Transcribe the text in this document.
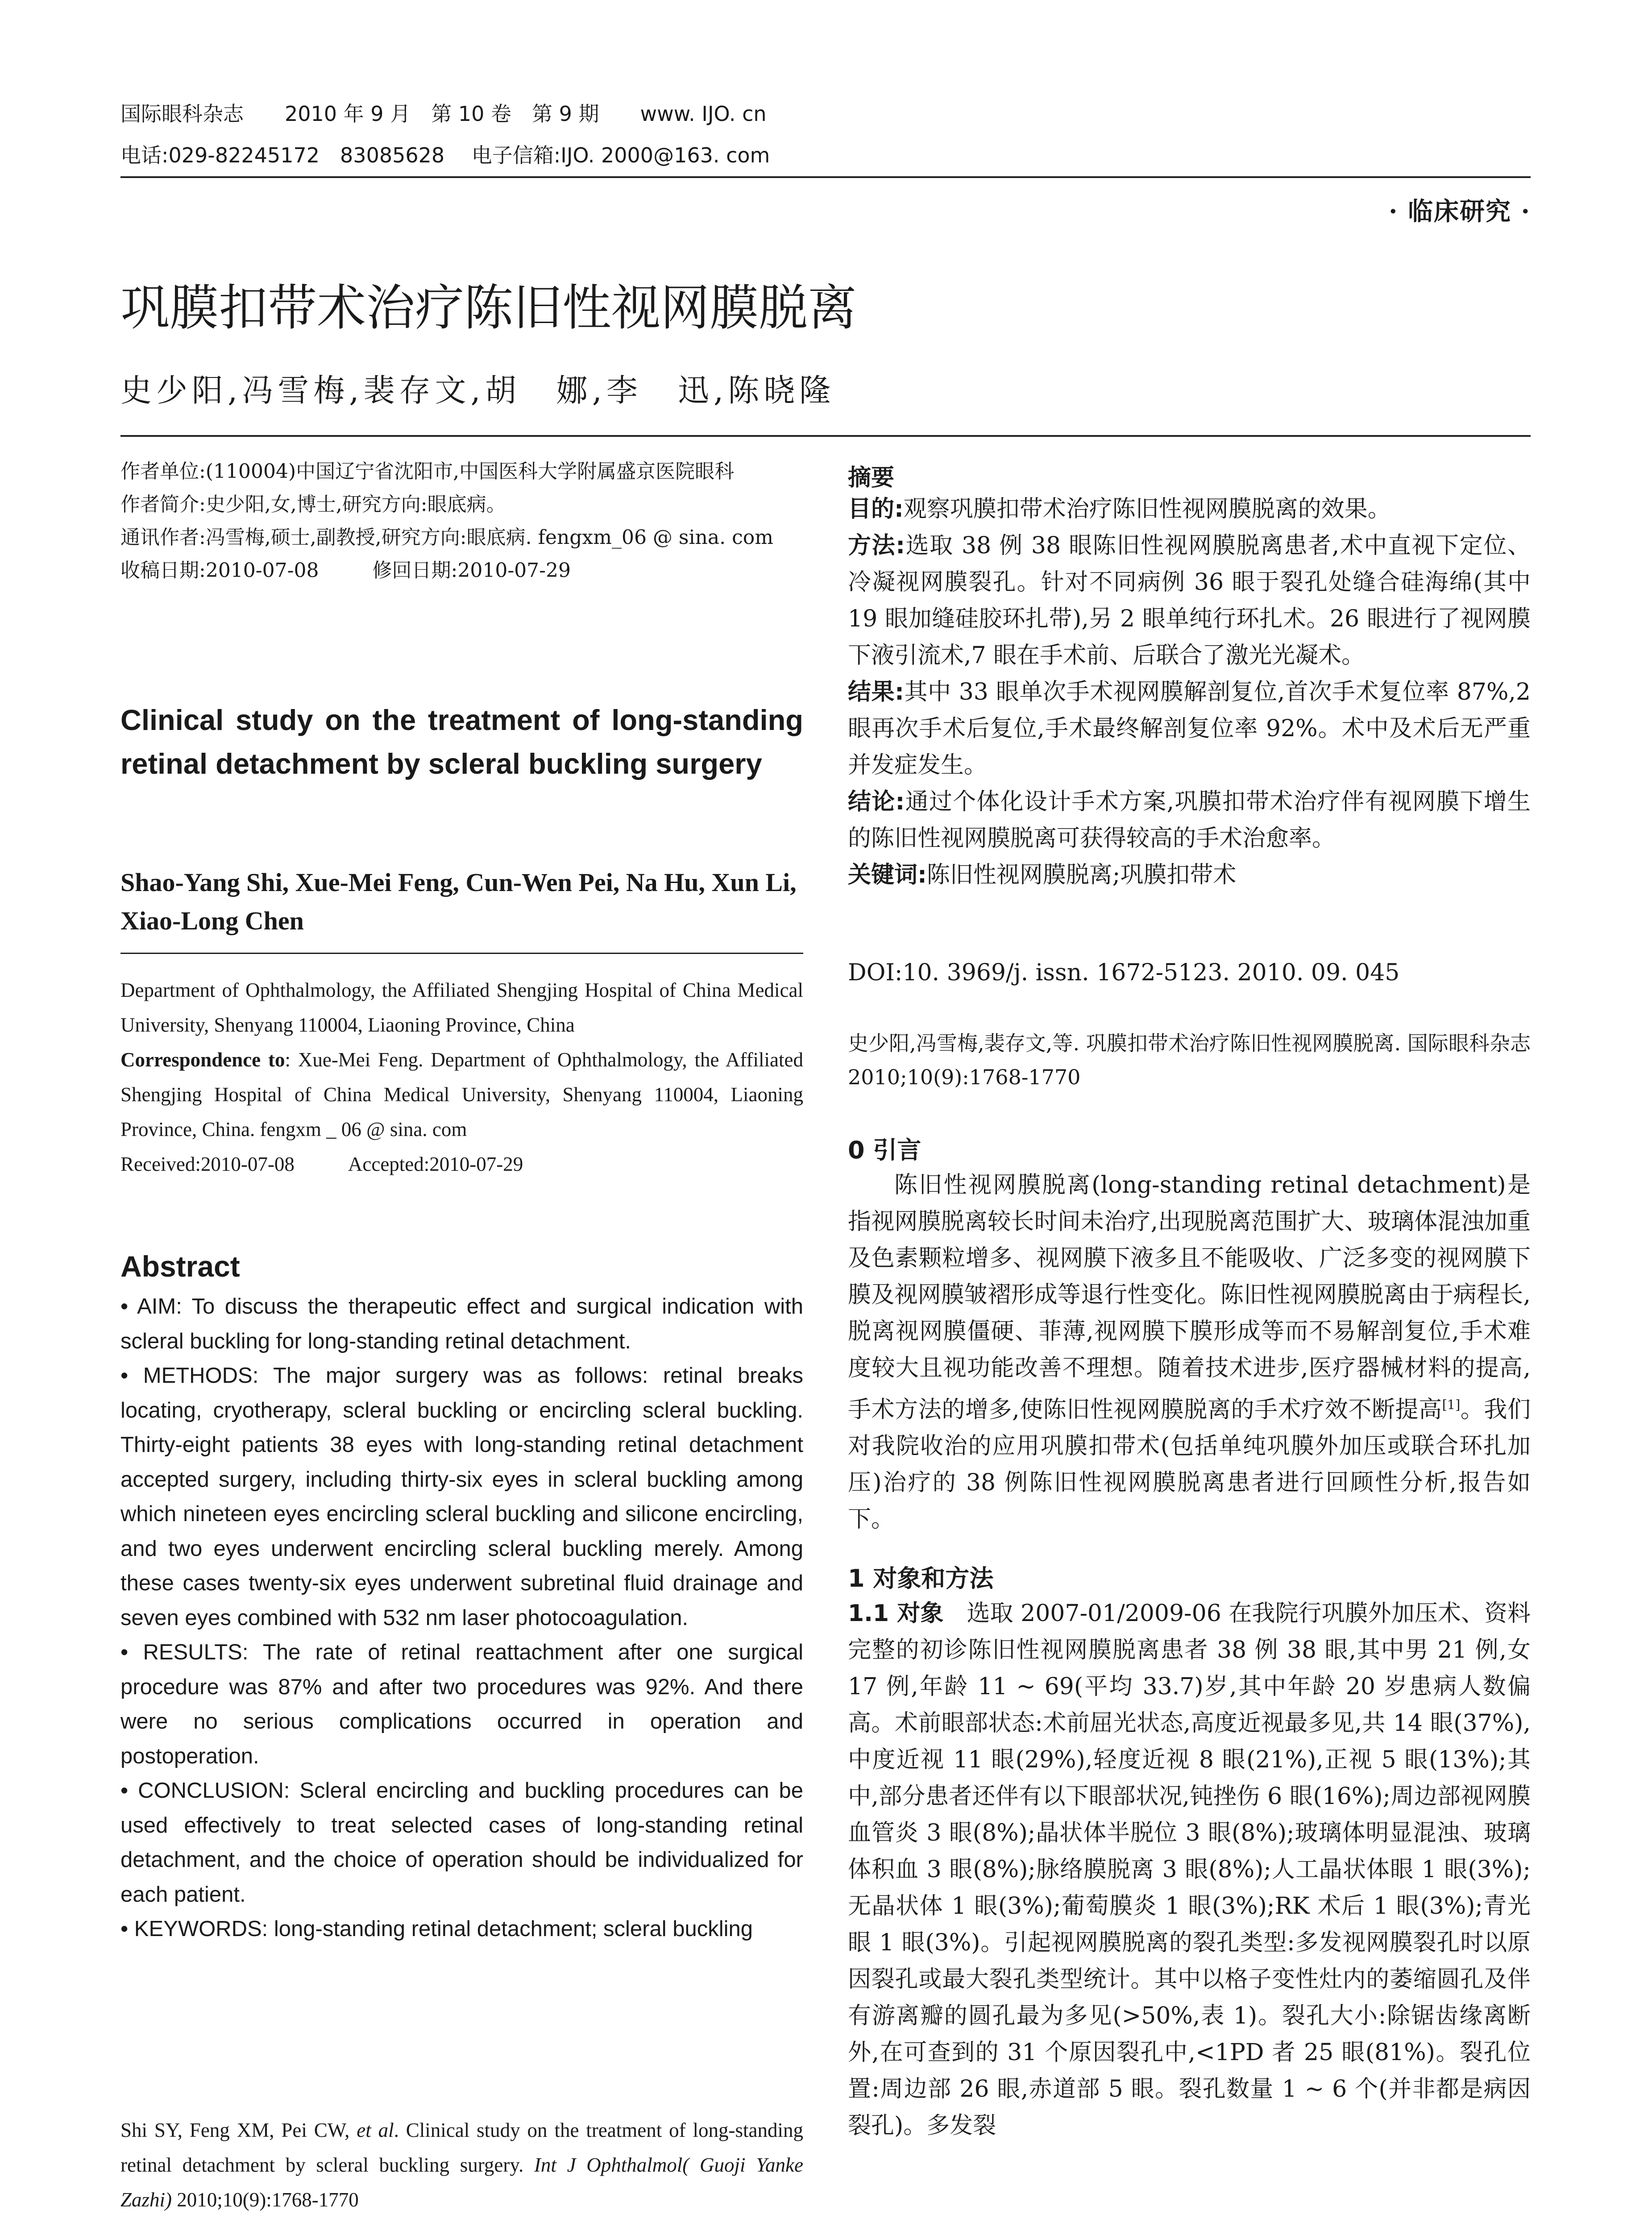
国际眼科杂志　　2010 年 9 月　第 10 卷　第 9 期　　www. IJO. cn
电话:029-82245172　83085628　 电子信箱:IJO. 2000@163. com
· 临床研究 ·
巩膜扣带术治疗陈旧性视网膜脱离
史少阳,冯雪梅,裴存文,胡　娜,李　迅,陈晓隆

作者单位:(110004)中国辽宁省沈阳市,中国医科大学附属盛京医院眼科

作者简介:史少阳,女,博士,研究方向:眼底病。

通讯作者:冯雪梅,硕士,副教授,研究方向:眼底病. fengxm_06 @ sina. com

收稿日期:2010-07-08	修回日期:2010-07-29

Clinical study on the treatment of long-standing retinal detachment by scleral buckling surgery
Shao-Yang Shi, Xue-Mei Feng, Cun-Wen Pei, Na Hu, Xun Li, Xiao-Long Chen

Department of Ophthalmology, the Affiliated Shengjing Hospital of China Medical University, Shenyang 110004, Liaoning Province, China

Correspondence to: Xue-Mei Feng. Department of Ophthalmology, the Affiliated Shengjing Hospital of China Medical University, Shenyang 110004, Liaoning Province, China. fengxm _ 06 @ sina. com

Received:2010-07-08	Accepted:2010-07-29

Abstract

• AIM: To discuss the therapeutic effect and surgical indication with scleral buckling for long-standing retinal detachment.

• METHODS: The major surgery was as follows: retinal breaks locating, cryotherapy, scleral buckling or encircling scleral buckling. Thirty-eight patients 38 eyes with long-standing retinal detachment accepted surgery, including thirty-six eyes in scleral buckling among which nineteen eyes encircling scleral buckling and silicone encircling, and two eyes underwent encircling scleral buckling merely. Among these cases twenty-six eyes underwent subretinal fluid drainage and seven eyes combined with 532 nm laser photocoagulation.

• RESULTS: The rate of retinal reattachment after one surgical procedure was 87% and after two procedures was 92%. And there were no serious complications occurred in operation and postoperation.

• CONCLUSION: Scleral encircling and buckling procedures can be used effectively to treat selected cases of long-standing retinal detachment, and the choice of operation should be individualized for each patient.

• KEYWORDS: long-standing retinal detachment; scleral buckling

Shi SY, Feng XM, Pei CW, et al. Clinical study on the treatment of long-standing retinal detachment by scleral buckling surgery. Int J Ophthalmol( Guoji Yanke Zazhi) 2010;10(9):1768-1770
摘要

目的:观察巩膜扣带术治疗陈旧性视网膜脱离的效果。

方法:选取 38 例 38 眼陈旧性视网膜脱离患者,术中直视下定位、冷凝视网膜裂孔。针对不同病例 36 眼于裂孔处缝合硅海绵(其中 19 眼加缝硅胶环扎带),另 2 眼单纯行环扎术。26 眼进行了视网膜下液引流术,7 眼在手术前、后联合了激光光凝术。

结果:其中 33 眼单次手术视网膜解剖复位,首次手术复位率 87%,2 眼再次手术后复位,手术最终解剖复位率 92%。术中及术后无严重并发症发生。

结论:通过个体化设计手术方案,巩膜扣带术治疗伴有视网膜下增生的陈旧性视网膜脱离可获得较高的手术治愈率。

关键词:陈旧性视网膜脱离;巩膜扣带术

DOI:10. 3969/j. issn. 1672-5123. 2010. 09. 045
史少阳,冯雪梅,裴存文,等. 巩膜扣带术治疗陈旧性视网膜脱离. 国际眼科杂志 2010;10(9):1768-1770
0 引言

陈旧性视网膜脱离(long-standing retinal detachment)是指视网膜脱离较长时间未治疗,出现脱离范围扩大、玻璃体混浊加重及色素颗粒增多、视网膜下液多且不能吸收、广泛多变的视网膜下膜及视网膜皱褶形成等退行性变化。陈旧性视网膜脱离由于病程长,脱离视网膜僵硬、菲薄,视网膜下膜形成等而不易解剖复位,手术难度较大且视功能改善不理想。随着技术进步,医疗器械材料的提高,手术方法的增多,使陈旧性视网膜脱离的手术疗效不断提高[1]。我们对我院收治的应用巩膜扣带术(包括单纯巩膜外加压或联合环扎加压)治疗的 38 例陈旧性视网膜脱离患者进行回顾性分析,报告如下。

1 对象和方法

1.1 对象　 选取 2007-01/2009-06 在我院行巩膜外加压术、资料完整的初诊陈旧性视网膜脱离患者 38 例 38 眼,其中男 21 例,女 17 例,年龄 11 ~ 69(平均 33.7)岁,其中年龄 20 岁患病人数偏高。术前眼部状态:术前屈光状态,高度近视最多见,共 14 眼(37%),中度近视 11 眼(29%),轻度近视 8 眼(21%),正视 5 眼(13%);其中,部分患者还伴有以下眼部状况,钝挫伤 6 眼(16%);周边部视网膜血管炎 3 眼(8%);晶状体半脱位 3 眼(8%);玻璃体明显混浊、玻璃体积血 3 眼(8%);脉络膜脱离 3 眼(8%);人工晶状体眼 1 眼(3%);无晶状体 1 眼(3%);葡萄膜炎 1 眼(3%);RK 术后 1 眼(3%);青光眼 1 眼(3%)。引起视网膜脱离的裂孔类型:多发视网膜裂孔时以原因裂孔或最大裂孔类型统计。其中以格子变性灶内的萎缩圆孔及伴有游离瓣的圆孔最为多见(>50%,表 1)。裂孔大小:除锯齿缘离断外,在可查到的 31 个原因裂孔中,<1PD 者 25 眼(81%)。裂孔位置:周边部 26 眼,赤道部 5 眼。裂孔数量 1 ~ 6 个(并非都是病因裂孔)。多发裂
